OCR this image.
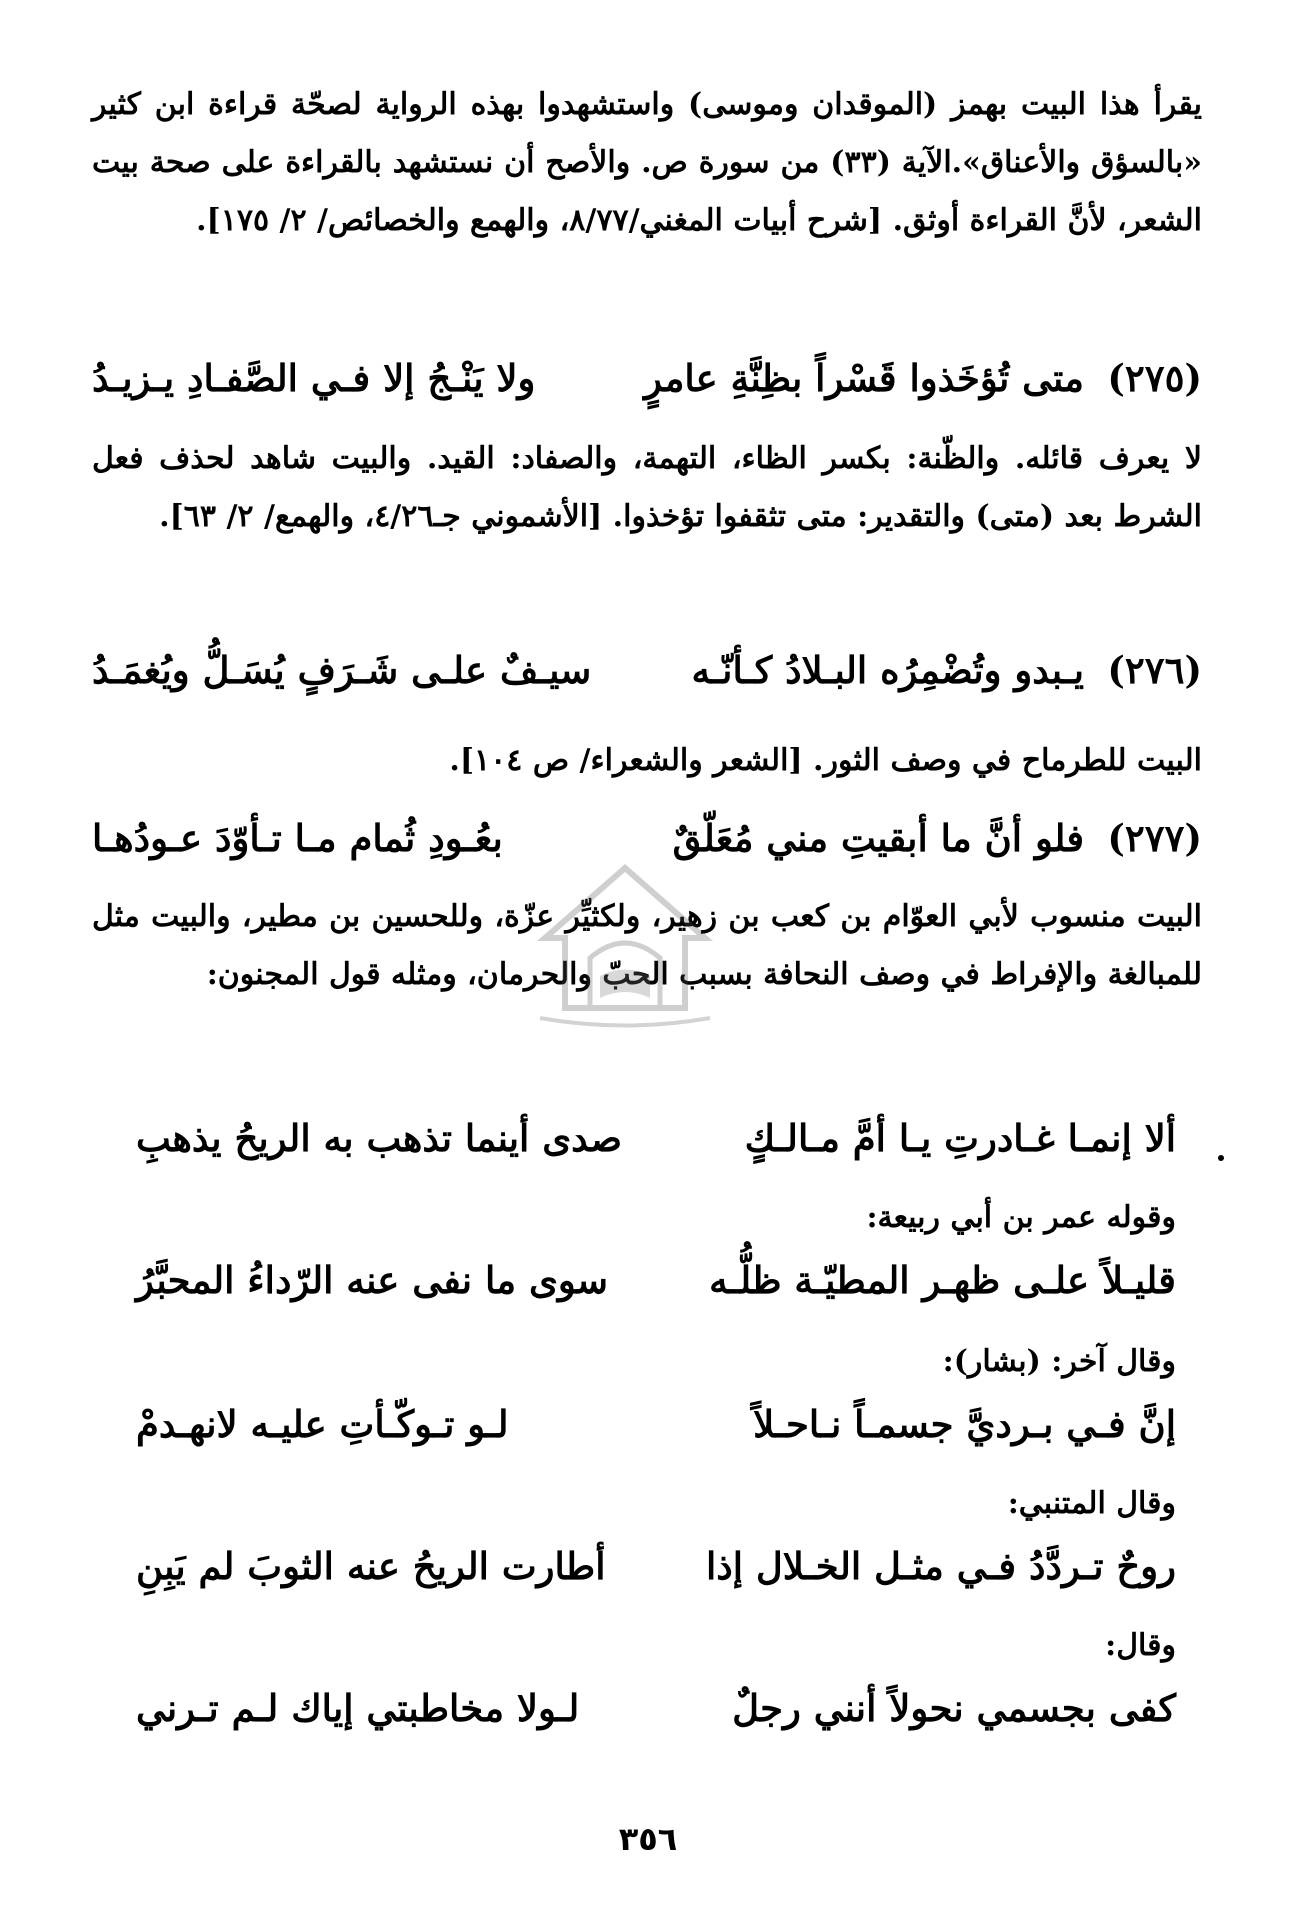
يقرأ هذا البيت بهمز (الموقدان وموسى) واستشهدوا بهذه الرواية لصحّة قراءة ابن كثير «بالسؤق والأعناق».الآية (٣٣) من سورة ص. والأصح أن نستشهد بالقراءة على صحة بيت الشعر، لأنَّ القراءة أوثق. [شرح أبيات المغني/٨/٧٧، والهمع والخصائص/ ٢/ ١٧٥].

(٢٧٥)
متى تُؤخَذوا قَسْراً بظِنَّةِ عامرٍ
ولا يَنْـجُ إلا فـي الصَّفـادِ يـزيـدُ

لا يعرف قائله. والظّنة: بكسر الظاء، التهمة، والصفاد: القيد. والبيت شاهد لحذف فعل الشرط بعد (متى) والتقدير: متى تثقفوا تؤخذوا. [الأشموني جـ٤/٢٦، والهمع/ ٢/ ٦٣].

(٢٧٦)
يـبدو وتُضْمِرُه البـلادُ كـأنّـه
سيـفٌ علـى شَـرَفٍ يُسَـلُّ ويُغمَـدُ

البيت للطرماح في وصف الثور. [الشعر والشعراء/ ص ١٠٤].

(٢٧٧)
فلو أنَّ ما أبقيتِ مني مُعَلّقٌ
بعُـودِ ثُمام مـا تـأوّدَ عـودُهـا

البيت منسوب لأبي العوّام بن كعب بن زهير، ولكثيِّر عزّة، وللحسين بن مطير، والبيت مثل للمبالغة والإفراط في وصف النحافة بسبب الحبّ والحرمان، ومثله قول المجنون:

ألا إنمـا غـادرتِ يـا أمَّ مـالـكٍ
صدى أينما تذهب به الريحُ يذهبِ
وقوله عمر بن أبي ربيعة:
قليـلاً علـى ظهـر المطيّـة ظلُّـه
سوى ما نفى عنه الرّداءُ المحبَّرُ
وقال آخر: (بشار):
إنَّ فـي بـرديَّ جسمـاً نـاحـلاً
لـو تـوكّـأتِ عليـه لانهـدمْ
وقال المتنبي:
روحٌ تـردَّدُ فـي مثـل الخـلال إذا
أطارت الريحُ عنه الثوبَ لم يَبِنِ
وقال:
كفى بجسمي نحولاً أنني رجلٌ
لـولا مخاطبتي إياك لـم تـرني
٣٥٦
